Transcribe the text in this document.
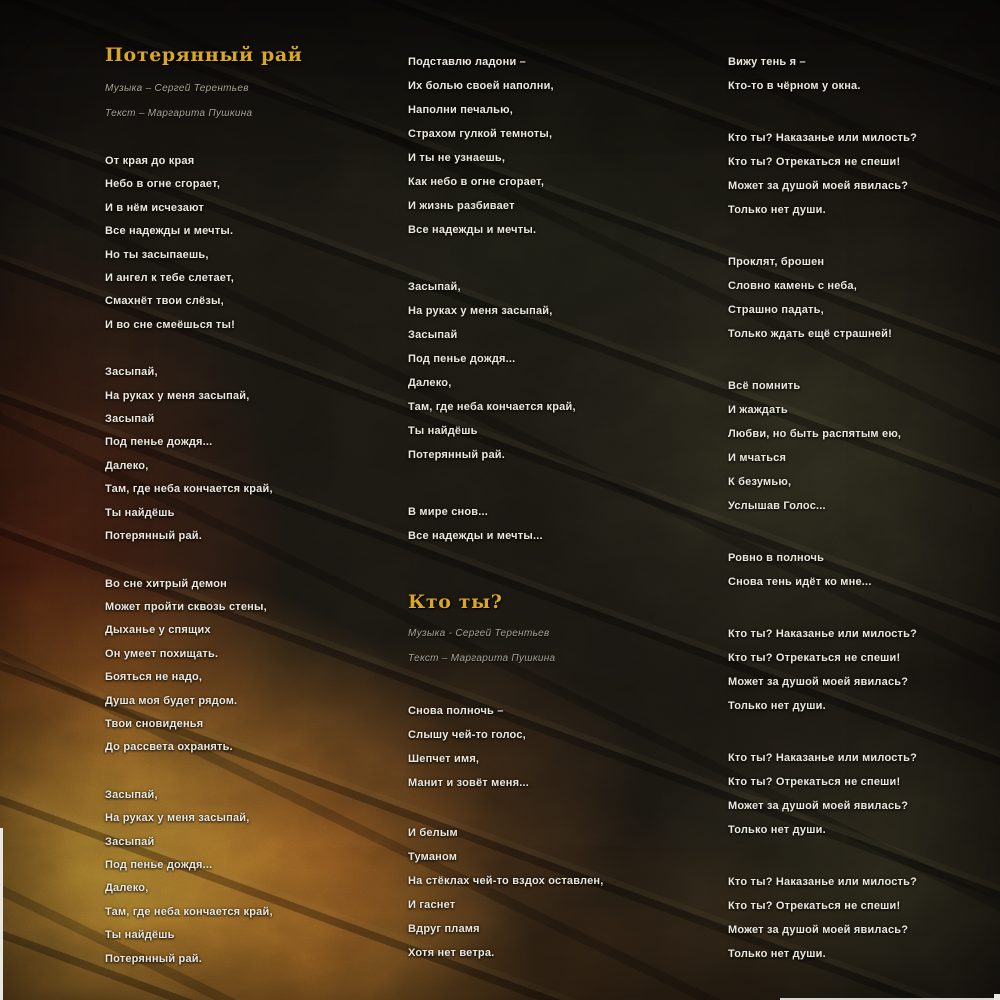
Потерянный рай
Музыка – Сергей Терентьев
Текст – Маргарита Пушкина
От края до края
Небо в огне сгорает,
И в нём исчезают
Все надежды и мечты.
Но ты засыпаешь,
И ангел к тебе слетает,
Смахнёт твои слёзы,
И во сне смеёшься ты!
Засыпай,
На руках у меня засыпай,
Засыпай
Под пенье дождя...
Далеко,
Там, где неба кончается край,
Ты найдёшь
Потерянный рай.
Во сне хитрый демон
Может пройти сквозь стены,
Дыханье у спящих
Он умеет похищать.
Бояться не надо,
Душа моя будет рядом.
Твои сновиденья
До рассвета охранять.
Засыпай,
На руках у меня засыпай,
Засыпай
Под пенье дождя...
Далеко,
Там, где неба кончается край,
Ты найдёшь
Потерянный рай.
Подставлю ладони –
Их болью своей наполни,
Наполни печалью,
Страхом гулкой темноты,
И ты не узнаешь,
Как небо в огне сгорает,
И жизнь разбивает
Все надежды и мечты.
Засыпай,
На руках у меня засыпай,
Засыпай
Под пенье дождя...
Далеко,
Там, где неба кончается край,
Ты найдёшь
Потерянный рай.
В мире снов...
Все надежды и мечты...
Кто ты?
Музыка - Сергей Терентьев
Текст – Маргарита Пушкина
Снова полночь –
Слышу чей-то голос,
Шепчет имя,
Манит и зовёт меня...
И белым
Туманом
На стёклах чей-то вздох оставлен,
И гаснет
Вдруг пламя
Хотя нет ветра.
Вижу тень я –
Кто-то в чёрном у окна.
Кто ты? Наказанье или милость?
Кто ты? Отрекаться не спеши!
Может за душой моей явилась?
Только нет души.
Проклят, брошен
Словно камень с неба,
Страшно падать,
Только ждать ещё страшней!
Всё помнить
И жаждать
Любви, но быть распятым ею,
И мчаться
К безумью,
Услышав Голос...
Ровно в полночь
Снова тень идёт ко мне...
Кто ты? Наказанье или милость?
Кто ты? Отрекаться не спеши!
Может за душой моей явилась?
Только нет души.
Кто ты? Наказанье или милость?
Кто ты? Отрекаться не спеши!
Может за душой моей явилась?
Только нет души.
Кто ты? Наказанье или милость?
Кто ты? Отрекаться не спеши!
Может за душой моей явилась?
Только нет души.
